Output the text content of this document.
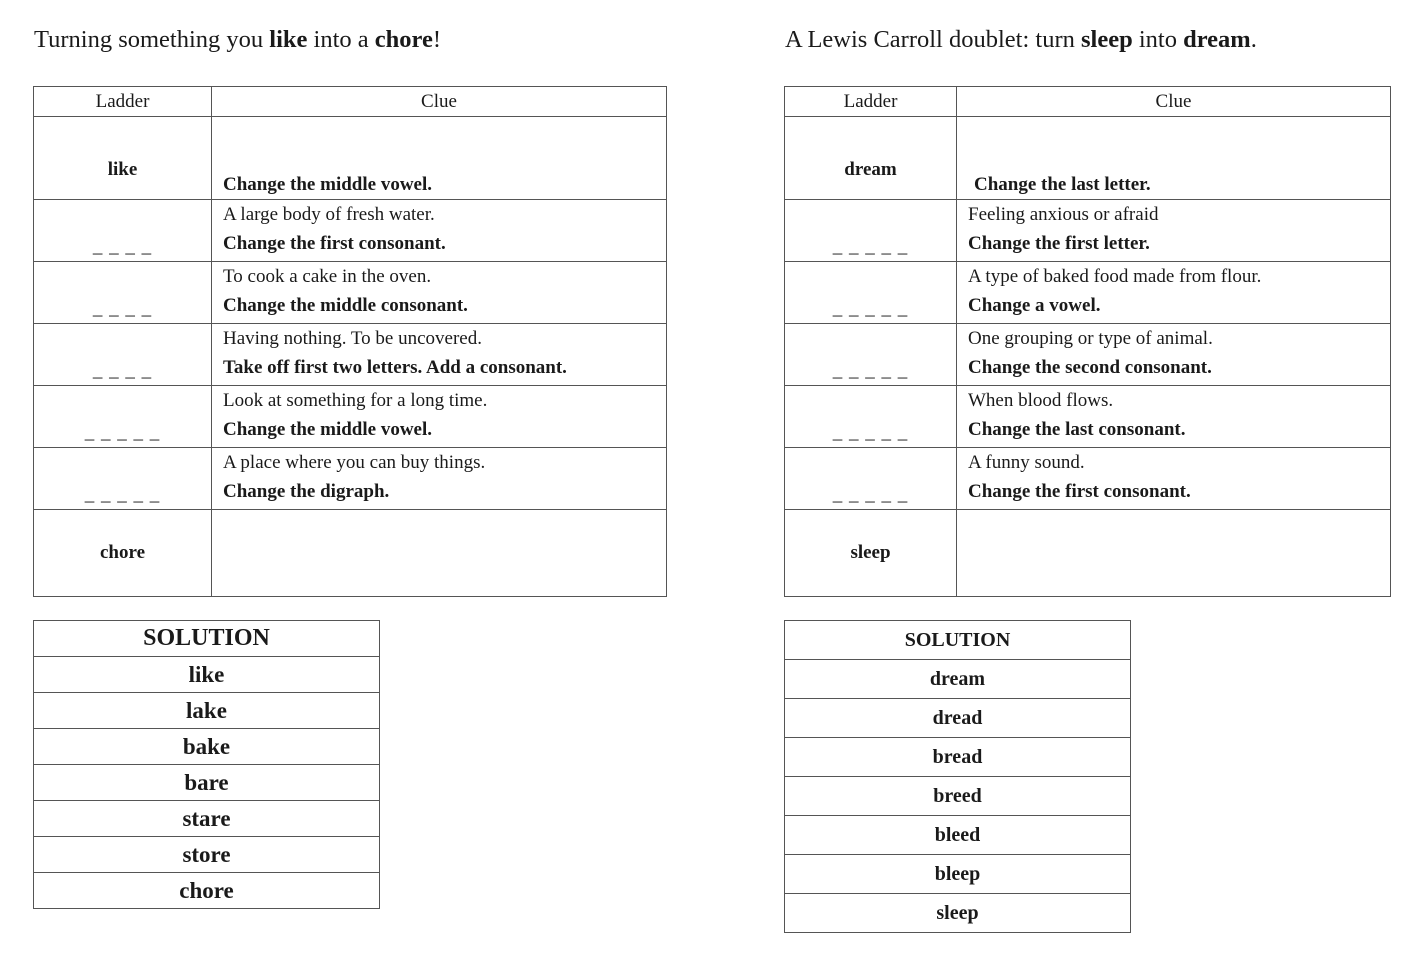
Turning something you like into a chore!	A Lewis Carroll doublet: turn sleep into dream.
Ladder	Clue
like	Change the middle vowel.

_ _ _ _	A large body of fresh water.
Change the first consonant.

_ _ _ _	To cook a cake in the oven.
Change the middle consonant.

_ _ _ _	Having nothing. To be uncovered.
Take off first two letters. Add a consonant.

_ _ _ _ _	Look at something for a long time.
Change the middle vowel.

_ _ _ _ _	A place where you can buy things.
Change the digraph.

chore	
Ladder	Clue
dream	Change the last letter.

_ _ _ _ _	Feeling anxious or afraid
Change the first letter.

_ _ _ _ _	A type of baked food made from flour.
Change a vowel.

_ _ _ _ _	One grouping or type of animal.
Change the second consonant.

_ _ _ _ _	When blood flows.
Change the last consonant.

_ _ _ _ _	A funny sound.
Change the first consonant.

sleep	
SOLUTION
like
lake
bake
bare
stare
store
chore
SOLUTION
dream
dread
bread
breed
bleed
bleep
sleep
